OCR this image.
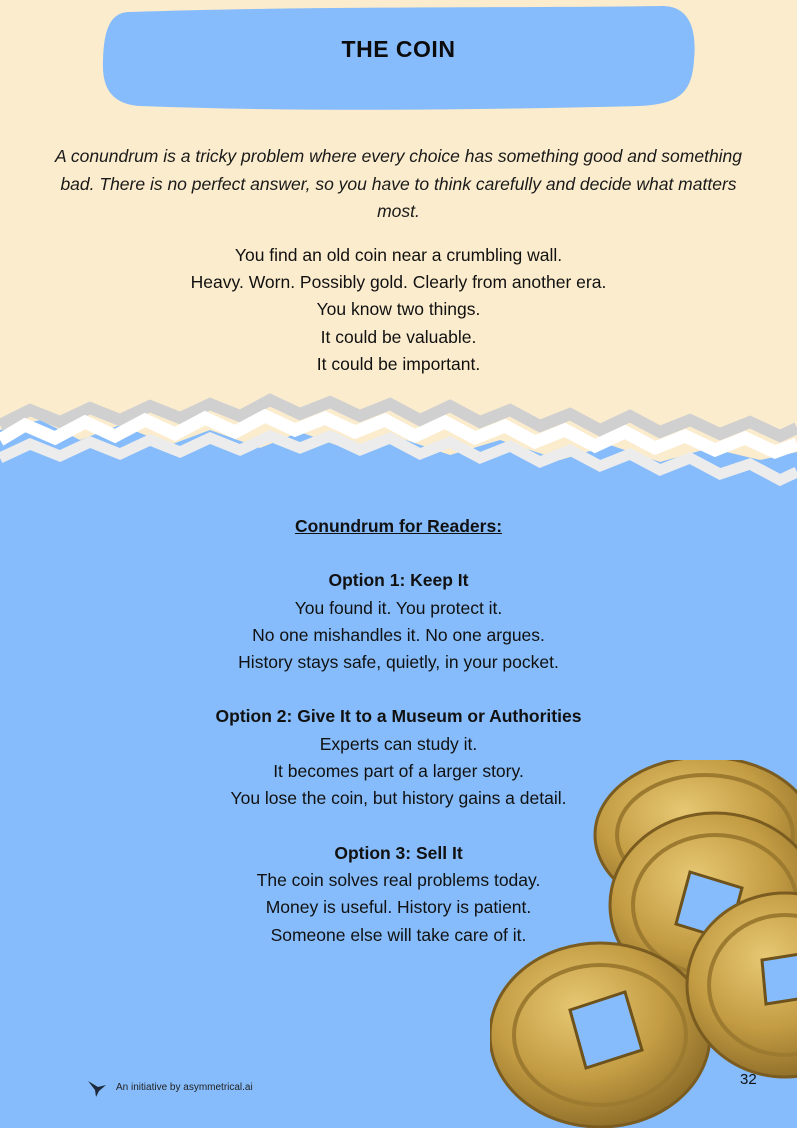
THE COIN
A conundrum is a tricky problem where every choice has something good and something bad. There is no perfect answer, so you have to think carefully and decide what matters most.
You find an old coin near a crumbling wall.
Heavy. Worn. Possibly gold. Clearly from another era.
You know two things.
It could be valuable.
It could be important.
Conundrum for Readers:
Option 1: Keep It
You found it. You protect it.
No one mishandles it. No one argues.
History stays safe, quietly, in your pocket.
Option 2: Give It to a Museum or Authorities
Experts can study it.
It becomes part of a larger story.
You lose the coin, but history gains a detail.
Option 3: Sell It
The coin solves real problems today.
Money is useful. History is patient.
Someone else will take care of it.
An initiative by asymmetrical.ai	32
